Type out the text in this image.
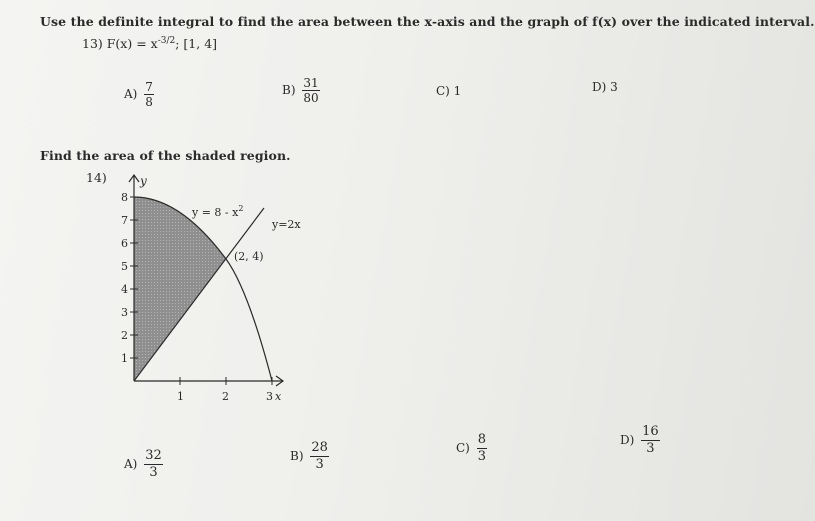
Use the definite integral to find the area between the x-axis and the graph of f(x) over the indicated interval.
13) $F(x) = x^{-3/2}$; [1, 4]
$A) \frac{7}{8}$	$B) \frac{31}{80}$	C) 1	D) 3
Find the area of the shaded region.
14)	y
8
7
6
5
4
3
2
1
1	2	3 x
$y = 8 - x^2$
y=2x
(2, 4)
$A) \frac{32}{3}$	$B) \frac{28}{3}$	$C) \frac{8}{3}$	$D) \frac{16}{3}$
